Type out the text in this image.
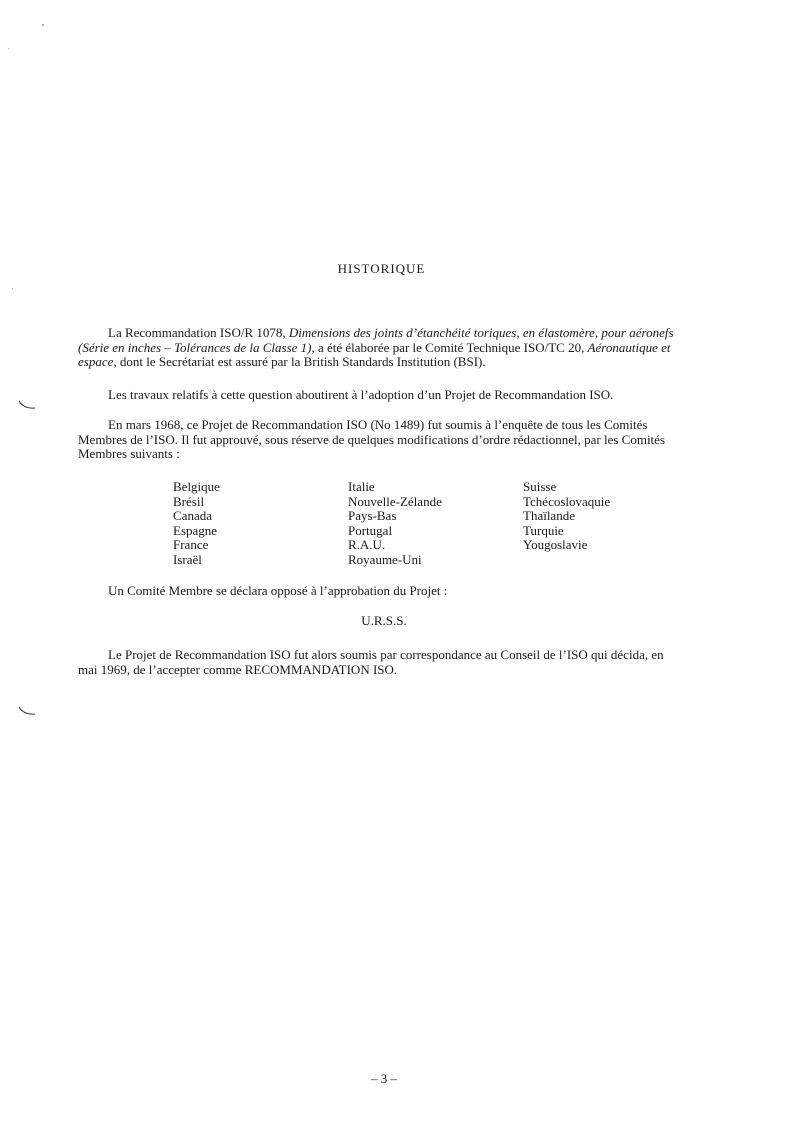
HISTORIQUE

La Recommandation ISO/R 1078, Dimensions des joints d’étanchéité toriques, en élastomère, pour aéronefs (Série en inches – Tolérances de la Classe 1), a été élaborée par le Comité Technique ISO/TC 20, Aéronautique et espace, dont le Secrétariat est assuré par la British Standards Institution (BSI).

Les travaux relatifs à cette question aboutirent à l’adoption d’un Projet de Recommandation ISO.

En mars 1968, ce Projet de Recommandation ISO (No 1489) fut soumis à l’enquête de tous les Comités Membres de l’ISO. Il fut approuvé, sous réserve de quelques modifications d’ordre rédactionnel, par les Comités Membres suivants :

Belgique
Brésil
Canada
Espagne
France
Israël
Italie
Nouvelle-Zélande
Pays-Bas
Portugal
R.A.U.
Royaume-Uni
Suisse
Tchécoslovaquie
Thaïlande
Turquie
Yougoslavie

Un Comité Membre se déclara opposé à l’approbation du Projet :

U.R.S.S.

Le Projet de Recommandation ISO fut alors soumis par correspondance au Conseil de l’ISO qui décida, en mai 1969, de l’accepter comme RECOMMANDATION ISO.

– 3 –
